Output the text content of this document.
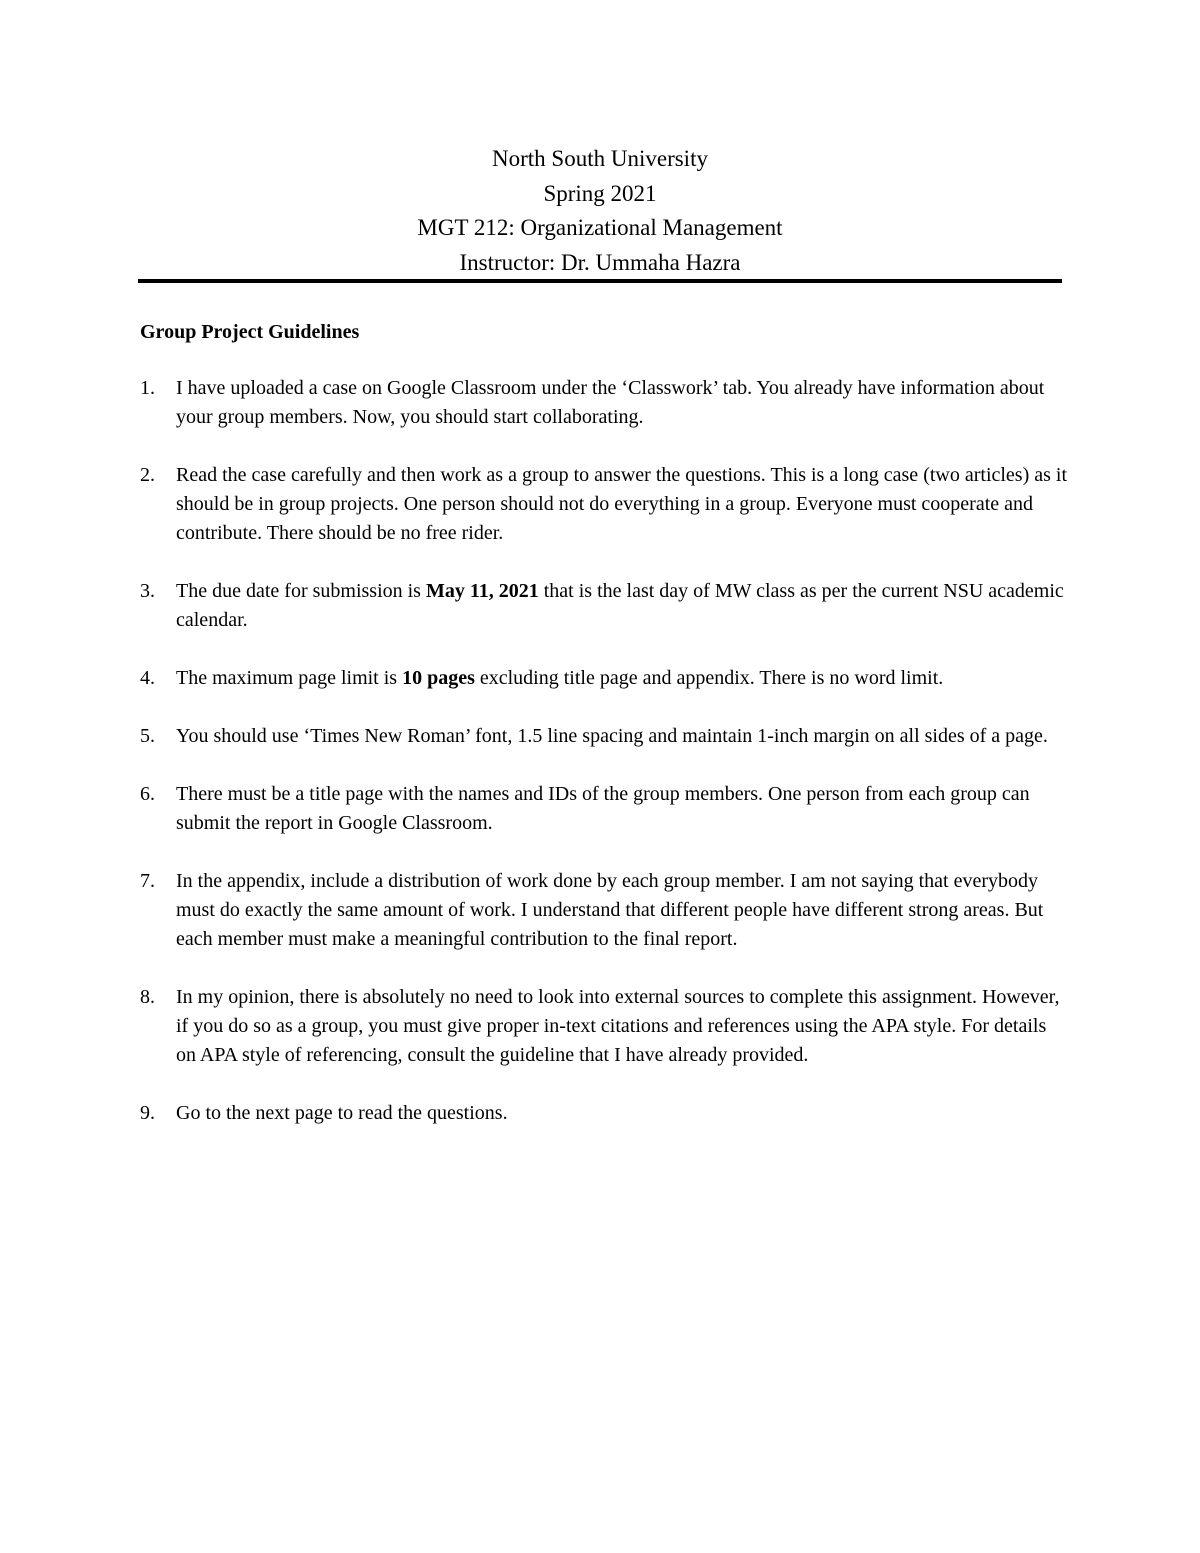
North South University
Spring 2021
MGT 212: Organizational Management
Instructor: Dr. Ummaha Hazra
Group Project Guidelines
1.	I have uploaded a case on Google Classroom under the ‘Classwork’ tab. You already have information about your group members. Now, you should start collaborating.
2.	Read the case carefully and then work as a group to answer the questions. This is a long case (two articles) as it should be in group projects. One person should not do everything in a group. Everyone must cooperate and contribute. There should be no free rider.
3.	The due date for submission is May 11, 2021 that is the last day of MW class as per the current NSU academic calendar.
4.	The maximum page limit is 10 pages excluding title page and appendix. There is no word limit.
5.	You should use ‘Times New Roman’ font, 1.5 line spacing and maintain 1-inch margin on all sides of a page.
6.	There must be a title page with the names and IDs of the group members. One person from each group can submit the report in Google Classroom.
7.	In the appendix, include a distribution of work done by each group member. I am not saying that everybody must do exactly the same amount of work. I understand that different people have different strong areas. But each member must make a meaningful contribution to the final report.
8.	In my opinion, there is absolutely no need to look into external sources to complete this assignment. However, if you do so as a group, you must give proper in-text citations and references using the APA style. For details on APA style of referencing, consult the guideline that I have already provided.
9.	Go to the next page to read the questions.
